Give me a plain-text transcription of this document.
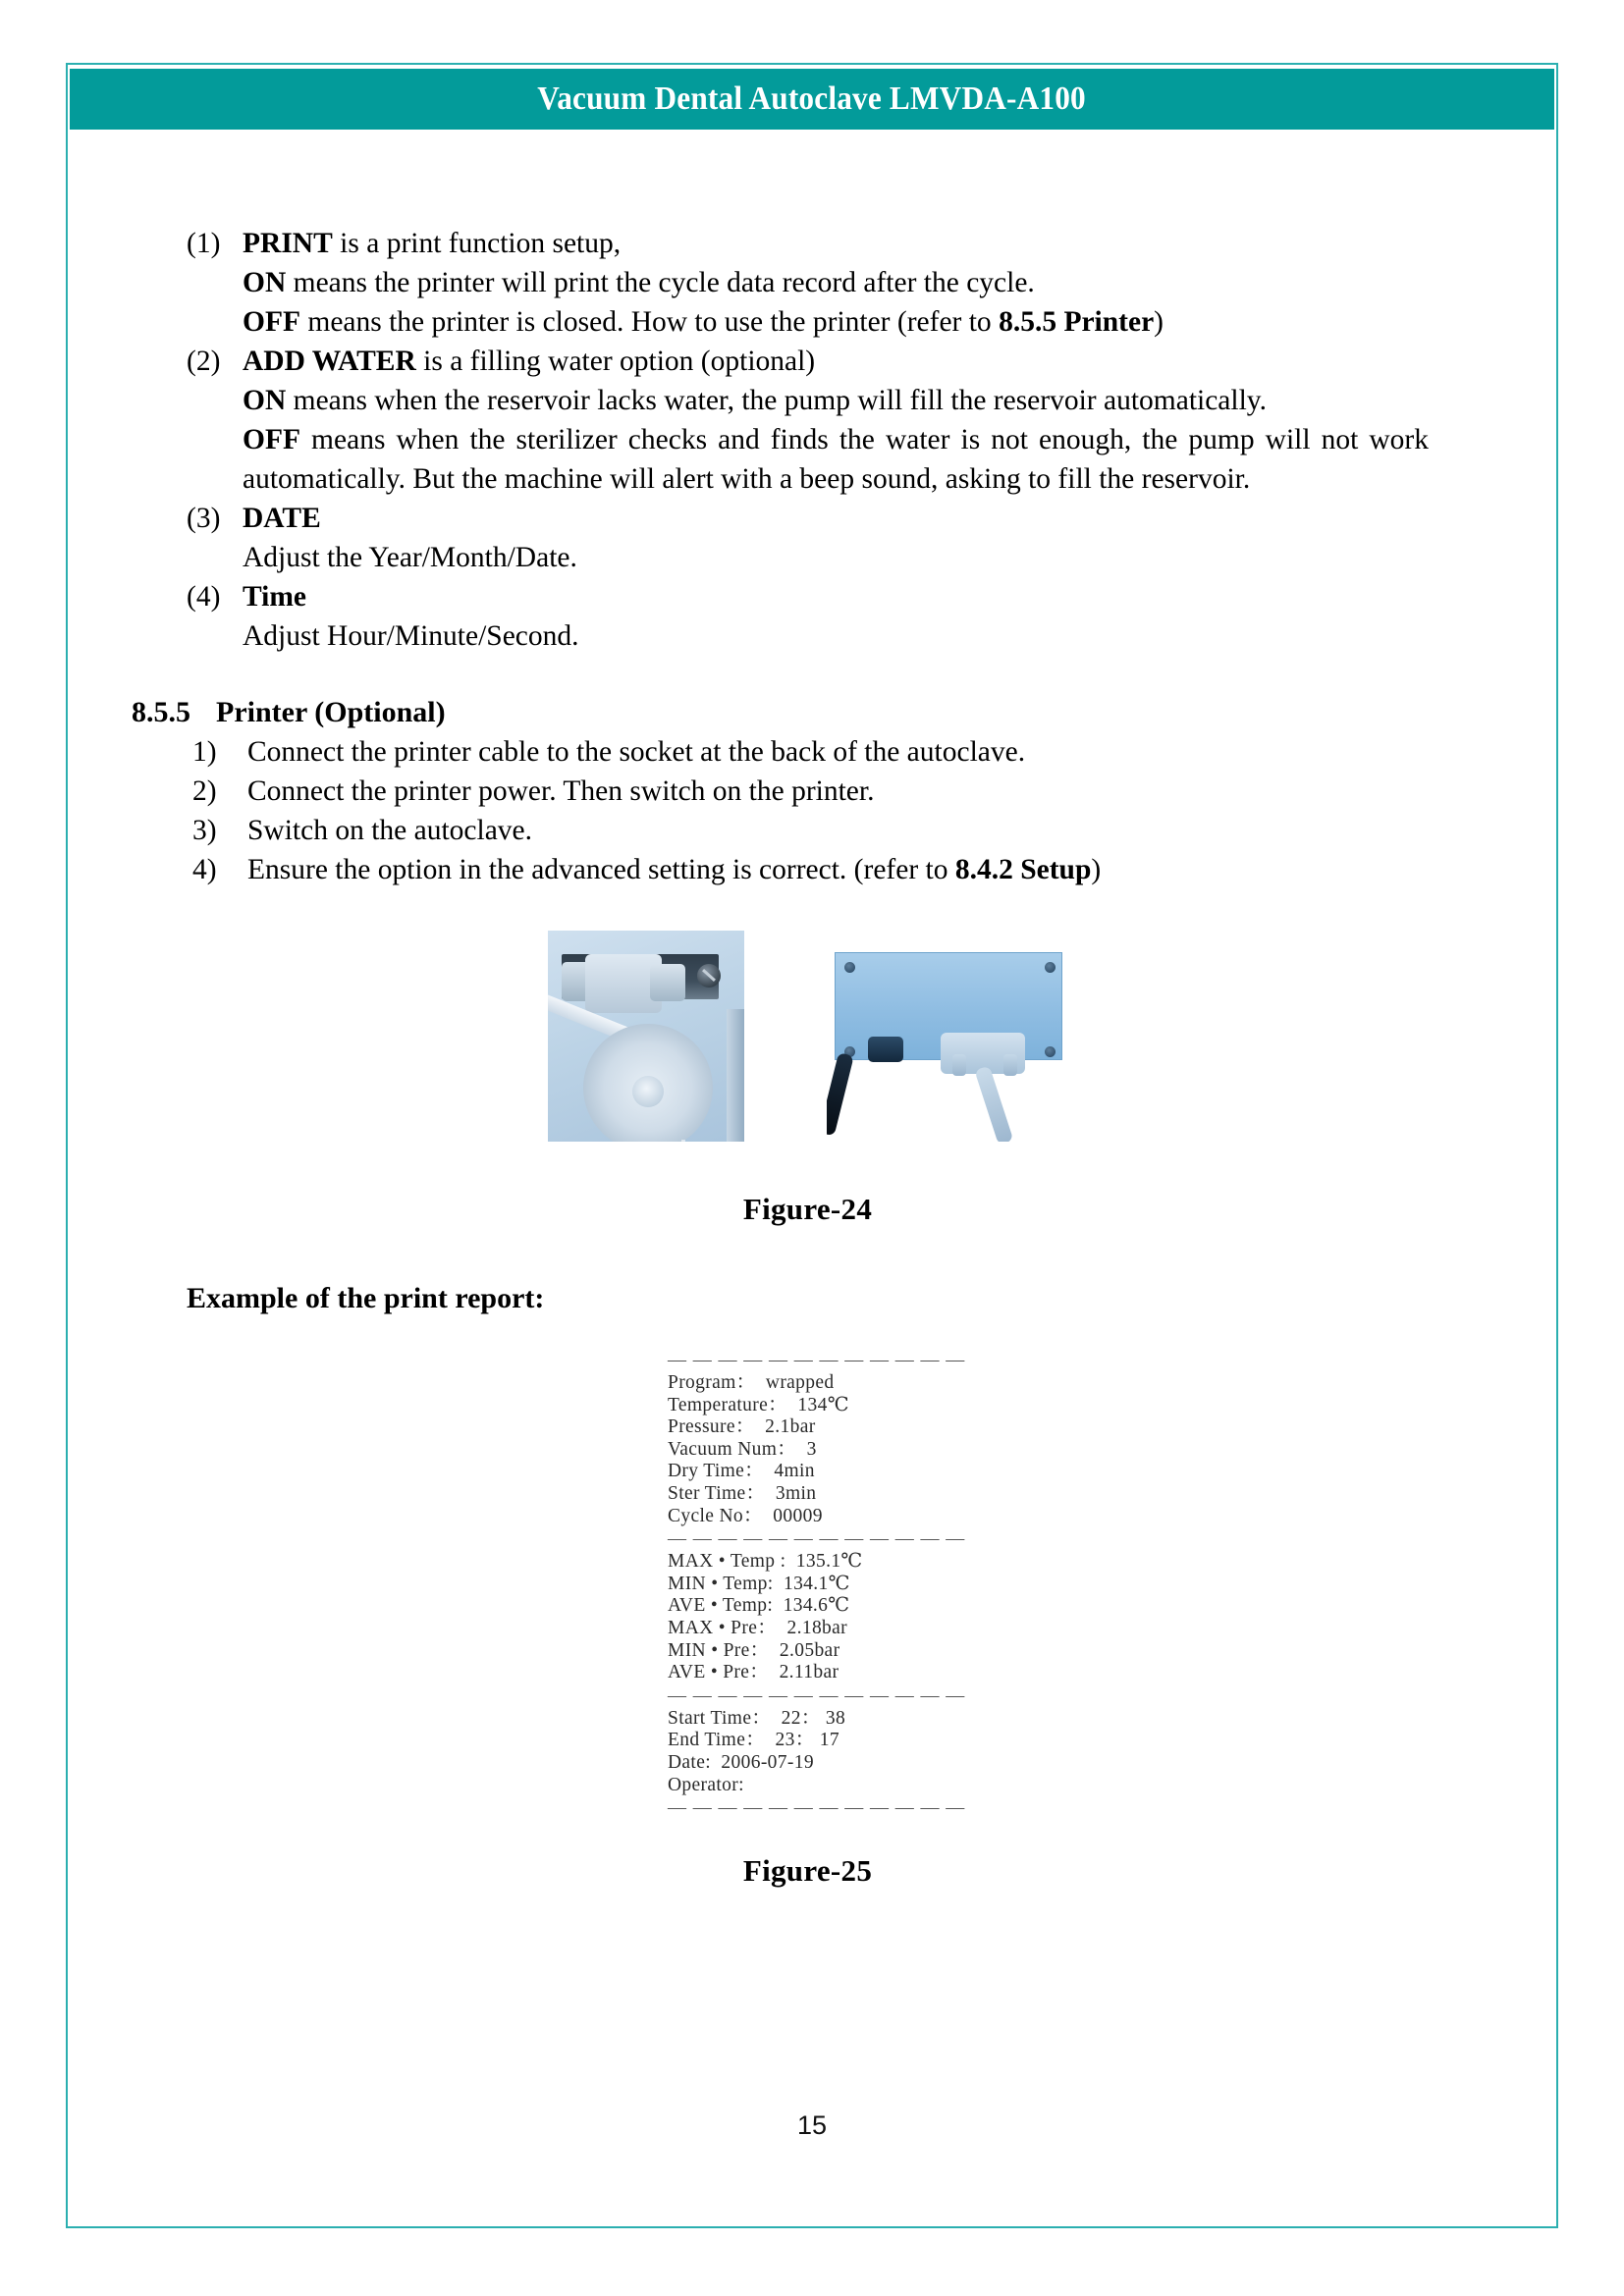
Vacuum Dental Autoclave LMVDA-A100
(1) PRINT is a print function setup,
ON means the printer will print the cycle data record after the cycle.
OFF means the printer is closed. How to use the printer (refer to 8.5.5 Printer)
(2) ADD WATER is a filling water option (optional)
ON means when the reservoir lacks water, the pump will fill the reservoir automatically.
OFF means when the sterilizer checks and finds the water is not enough, the pump will not work automatically. But the machine will alert with a beep sound, asking to fill the reservoir.
(3) DATE
Adjust the Year/Month/Date.
(4) Time
Adjust Hour/Minute/Second.
8.5.5 Printer (Optional)
1)	Connect the printer cable to the socket at the back of the autoclave.
2)	Connect the printer power. Then switch on the printer.
3)	Switch on the autoclave.
4)	Ensure the option in the advanced setting is correct. (refer to 8.4.2 Setup)
Figure-24
Example of the print report:
— — — — — — — — — — — —
Program：  wrapped
Temperature：  134℃
Pressure：  2.1bar
Vacuum Num：  3
Dry Time：  4min
Ster Time：  3min
Cycle No：  00009
— — — — — — — — — — — —
MAX • Temp :  135.1℃
MIN • Temp:  134.1℃
AVE • Temp:  134.6℃
MAX • Pre：  2.18bar
MIN • Pre：  2.05bar
AVE • Pre：  2.11bar
— — — — — — — — — — — —
Start Time：  22： 38
End Time：  23： 17
Date:  2006-07-19
Operator:
— — — — — — — — — — — —
Figure-25
15
